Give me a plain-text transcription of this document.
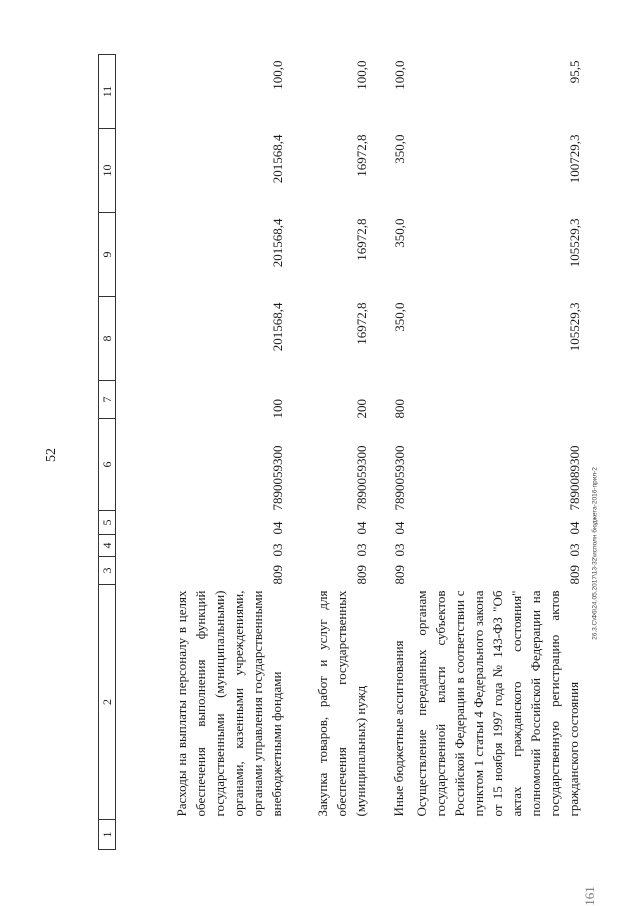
52
26.3.С\Ф6\24.05.2017\13-32\исполн бюджета-2016-прил-2
161
1	2	3	4	5	6	7	8	9	10	11
	Расходы на выплаты персоналу в целях обеспечения выполнения функций государственными (муниципальными) органами, казенными учреждениями, органами управления государственными внебюджетными фондами	809	03	04	7890059300	100	201568,4	201568,4	201568,4	100,0
	Закупка товаров, работ и услуг для обеспечения государственных (муниципальных) нужд	809	03	04	7890059300	200	16972,8	16972,8	16972,8	100,0
	Иные бюджетные ассигнования	809	03	04	7890059300	800	350,0	350,0	350,0	100,0
	Осуществление переданных органам государственной власти субъектов Российской Федерации в соответствии с пунктом 1 статьи 4 Федерального закона от 15 ноября 1997 года № 143-ФЗ "Об актах гражданского состояния" полномочий Российской Федерации на государственную регистрацию актов гражданского состояния	809	03	04	7890089300		105529,3	105529,3	100729,3	95,5
